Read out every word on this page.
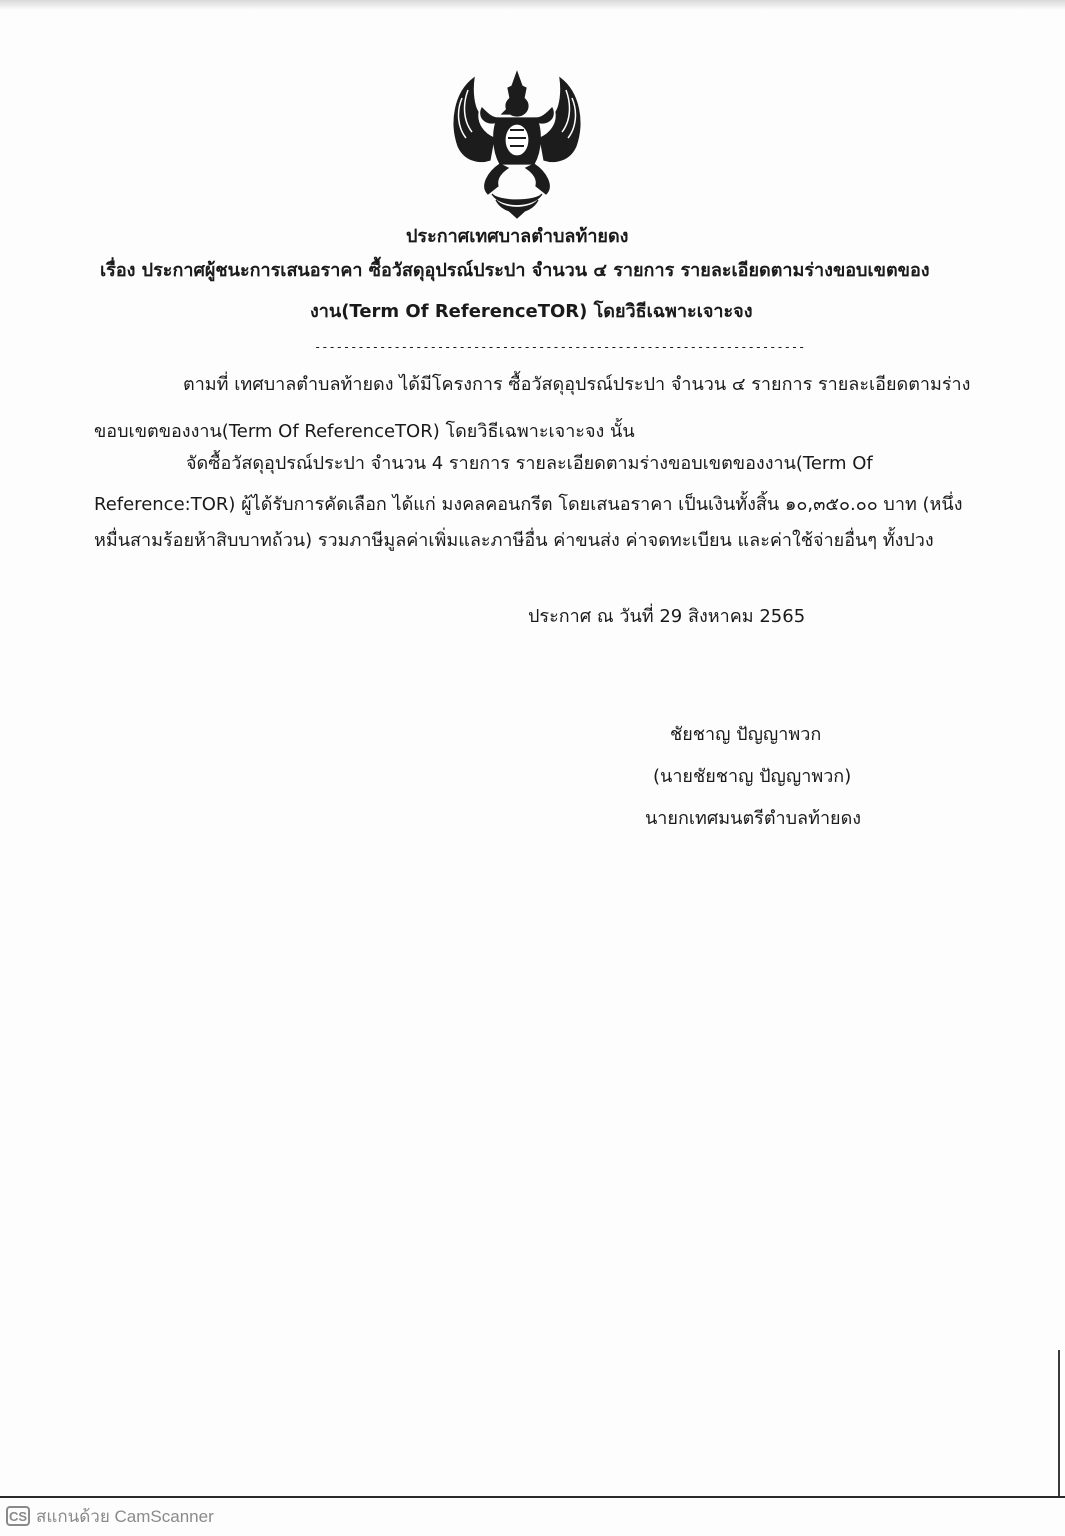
ประกาศเทศบาลตำบลท้ายดง
เรื่อง ประกาศผู้ชนะการเสนอราคา ซื้อวัสดุอุปรณ์ประปา จำนวน ๔ รายการ รายละเอียดตามร่างขอบเขตของ
งาน(Term Of ReferenceTOR) โดยวิธีเฉพาะเจาะจง
--------------------------------------------------------------------
ตามที่ เทศบาลตำบลท้ายดง ได้มีโครงการ ซื้อวัสดุอุปรณ์ประปา จำนวน ๔ รายการ รายละเอียดตามร่าง
ขอบเขตของงาน(Term Of ReferenceTOR) โดยวิธีเฉพาะเจาะจง นั้น
จัดซื้อวัสดุอุปรณ์ประปา จำนวน 4 รายการ รายละเอียดตามร่างขอบเขตของงาน(Term Of
Reference:TOR) ผู้ได้รับการคัดเลือก ได้แก่ มงคลคอนกรีต โดยเสนอราคา เป็นเงินทั้งสิ้น ๑๐,๓๕๐.๐๐ บาท (หนึ่ง
หมื่นสามร้อยห้าสิบบาทถ้วน) รวมภาษีมูลค่าเพิ่มและภาษีอื่น ค่าขนส่ง ค่าจดทะเบียน และค่าใช้จ่ายอื่นๆ ทั้งปวง
ประกาศ ณ วันที่ 29 สิงหาคม 2565
ชัยชาญ ปัญญาพวก
(นายชัยชาญ ปัญญาพวก)
นายกเทศมนตรีตำบลท้ายดง
CS สแกนด้วย CamScanner
